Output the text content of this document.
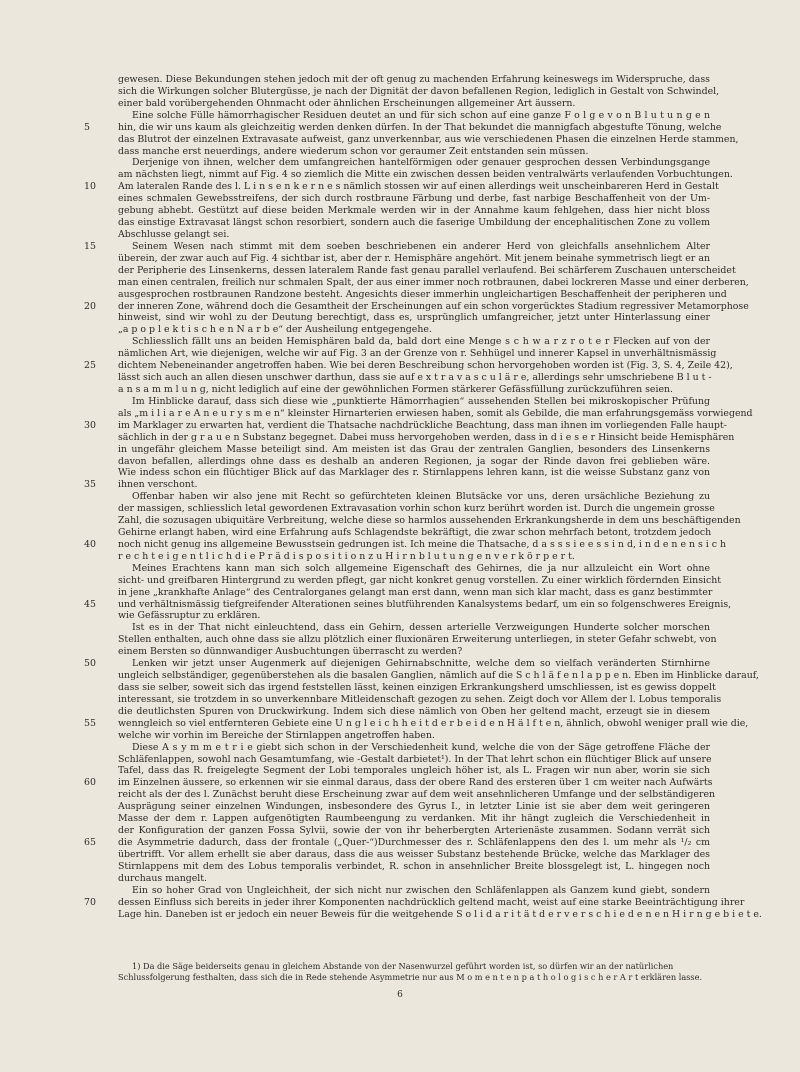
gewesen. Diese Bekundungen stehen jedoch mit der oft genug zu machenden Erfahrung keineswegs im Widerspruche, dass
sich die Wirkungen solcher Blutergüsse, je nach der Dignität der davon befallenen Region, lediglich in Gestalt von Schwindel,
einer bald vorübergehenden Ohnmacht oder ähnlichen Erscheinungen allgemeiner Art äussern.
Eine solche Fülle hämorrhagischer Residuen deutet an und für sich schon auf eine ganze F o l g e v o n B l u t u n g e n
5	hin, die wir uns kaum als gleichzeitig werden denken dürfen. In der That bekundet die mannigfach abgestufte Tönung, welche
das Blutrot der einzelnen Extravasate aufweist, ganz unverkennbar, aus wie verschiedenen Phasen die einzelnen Herde stammen,
dass manche erst neuerdings, andere wiederum schon vor geraumer Zeit entstanden sein müssen.
Derjenige von ihnen, welcher dem umfangreichen hantelförmigen oder genauer gesprochen dessen Verbindungsgange
am nächsten liegt, nimmt auf Fig. 4 so ziemlich die Mitte ein zwischen dessen beiden ventralwärts verlaufenden Vorbuchtungen.
10	Am lateralen Rande des l. L i n s e n k e r n e s nämlich stossen wir auf einen allerdings weit unscheinbareren Herd in Gestalt
eines schmalen Gewebsstreifens, der sich durch rostbraune Färbung und derbe, fast narbige Beschaffenheit von der Um-
gebung abhebt. Gestützt auf diese beiden Merkmale werden wir in der Annahme kaum fehlgehen, dass hier nicht bloss
das einstige Extravasat längst schon resorbiert, sondern auch die faserige Umbildung der encephalitischen Zone zu vollem
Abschlusse gelangt sei.
15	Seinem Wesen nach stimmt mit dem soeben beschriebenen ein anderer Herd von gleichfalls ansehnlichem Alter
überein, der zwar auch auf Fig. 4 sichtbar ist, aber der r. Hemisphäre angehört. Mit jenem beinahe symmetrisch liegt er an
der Peripherie des Linsenkerns, dessen lateralem Rande fast genau parallel verlaufend. Bei schärferem Zuschauen unterscheidet
man einen centralen, freilich nur schmalen Spalt, der aus einer immer noch rotbraunen, dabei lockreren Masse und einer derberen,
ausgesprochen rostbraunen Randzone besteht. Angesichts dieser immerhin ungleichartigen Beschaffenheit der peripheren und
20	der inneren Zone, während doch die Gesamtheit der Erscheinungen auf ein schon vorgerücktes Stadium regressiver Metamorphose
hinweist, sind wir wohl zu der Deutung berechtigt, dass es, ursprünglich umfangreicher, jetzt unter Hinterlassung einer
„a p o p l e k t i s c h e n N a r b e“ der Ausheilung entgegengehe.
Schliesslich fällt uns an beiden Hemisphären bald da, bald dort eine Menge s c h w a r z r o t e r Flecken auf von der
nämlichen Art, wie diejenigen, welche wir auf Fig. 3 an der Grenze von r. Sehhügel und innerer Kapsel in unverhältnismässig
25	dichtem Nebeneinander angetroffen haben. Wie bei deren Beschreibung schon hervorgehoben worden ist (Fig. 3, S. 4, Zeile 42),
lässt sich auch an allen diesen unschwer darthun, dass sie auf e x t r a v a s c u l ä r e, allerdings sehr umschriebene B l u t -
a n s a m m l u n g, nicht lediglich auf eine der gewöhnlichen Formen stärkerer Gefässfüllung zurückzuführen seien.
Im Hinblicke darauf, dass sich diese wie „punktierte Hämorrhagien“ aussehenden Stellen bei mikroskopischer Prüfung
als „m i l i a r e A n e u r y s m e n“ kleinster Hirnarterien erwiesen haben, somit als Gebilde, die man erfahrungsgemäss vorwiegend
30	im Marklager zu erwarten hat, verdient die Thatsache nachdrückliche Beachtung, dass man ihnen im vorliegenden Falle haupt-
sächlich in der g r a u e n Substanz begegnet. Dabei muss hervorgehoben werden, dass in d i e s e r Hinsicht beide Hemisphären
in ungefähr gleichem Masse beteiligt sind. Am meisten ist das Grau der zentralen Ganglien, besonders des Linsenkerns
davon befallen, allerdings ohne dass es deshalb an anderen Regionen, ja sogar der Rinde davon frei geblieben wäre.
Wie indess schon ein flüchtiger Blick auf das Marklager des r. Stirnlappens lehren kann, ist die weisse Substanz ganz von
35	ihnen verschont.
Offenbar haben wir also jene mit Recht so gefürchteten kleinen Blutsäcke vor uns, deren ursächliche Beziehung zu
der massigen, schliesslich letal gewordenen Extravasation vorhin schon kurz berührt worden ist. Durch die ungemein grosse
Zahl, die sozusagen ubiquitäre Verbreitung, welche diese so harmlos aussehenden Erkrankungsherde in dem uns beschäftigenden
Gehirne erlangt haben, wird eine Erfahrung aufs Schlagendste bekräftigt, die zwar schon mehrfach betont, trotzdem jedoch
40	noch nicht genug ins allgemeine Bewusstsein gedrungen ist. Ich meine die Thatsache, d a s s s i e e s s i n d, i n d e n e n s i c h
r e c h t e i g e n t l i c h d i e P r ä d i s p o s i t i o n z u H i r n b l u t u n g e n v e r k ö r p e r t.
Meines Erachtens kann man sich solch allgemeine Eigenschaft des Gehirnes, die ja nur allzuleicht ein Wort ohne
sicht- und greifbaren Hintergrund zu werden pflegt, gar nicht konkret genug vorstellen. Zu einer wirklich fördernden Einsicht
in jene „krankhafte Anlage“ des Centralorganes gelangt man erst dann, wenn man sich klar macht, dass es ganz bestimmter
45	und verhältnismässig tiefgreifender Alterationen seines blutführenden Kanalsystems bedarf, um ein so folgenschweres Ereignis,
wie Gefässruptur zu erklären.
Ist es in der That nicht einleuchtend, dass ein Gehirn, dessen arterielle Verzweigungen Hunderte solcher morschen
Stellen enthalten, auch ohne dass sie allzu plötzlich einer fluxionären Erweiterung unterliegen, in steter Gefahr schwebt, von
einem Bersten so dünnwandiger Ausbuchtungen überrascht zu werden?
50	Lenken wir jetzt unser Augenmerk auf diejenigen Gehirnabschnitte, welche dem so vielfach veränderten Stirnhirne
ungleich selbständiger, gegenüberstehen als die basalen Ganglien, nämlich auf die S c h l ä f e n l a p p e n. Eben im Hinblicke darauf,
dass sie selber, soweit sich das irgend feststellen lässt, keinen einzigen Erkrankungsherd umschliessen, ist es gewiss doppelt
interessant, sie trotzdem in so unverkennbare Mitleidenschaft gezogen zu sehen. Zeigt doch vor Allem der l. Lobus temporalis
die deutlichsten Spuren von Druckwirkung. Indem sich diese nämlich von Oben her geltend macht, erzeugt sie in diesem
55	wenngleich so viel entfernteren Gebiete eine U n g l e i c h h e i t d e r b e i d e n H ä l f t e n, ähnlich, obwohl weniger prall wie die,
welche wir vorhin im Bereiche der Stirnlappen angetroffen haben.
Diese A s y m m e t r i e giebt sich schon in der Verschiedenheit kund, welche die von der Säge getroffene Fläche der
Schläfenlappen, sowohl nach Gesamtumfang, wie -Gestalt darbietet¹). In der That lehrt schon ein flüchtiger Blick auf unsere
Tafel, dass das R. freigelegte Segment der Lobi temporales ungleich höher ist, als L. Fragen wir nun aber, worin sie sich
60	im Einzelnen äussere, so erkennen wir sie einmal daraus, dass der obere Rand des ersteren über 1 cm weiter nach Aufwärts
reicht als der des l. Zunächst beruht diese Erscheinung zwar auf dem weit ansehnlicheren Umfange und der selbständigeren
Ausprägung seiner einzelnen Windungen, insbesondere des Gyrus I., in letzter Linie ist sie aber dem weit geringeren
Masse der dem r. Lappen aufgenötigten Raumbeengung zu verdanken. Mit ihr hängt zugleich die Verschiedenheit in
der Konfiguration der ganzen Fossa Sylvii, sowie der von ihr beherbergten Arterienäste zusammen. Sodann verrät sich
65	die Asymmetrie dadurch, dass der frontale („Quer-“)Durchmesser des r. Schläfenlappens den des l. um mehr als ¹/₂ cm
übertrifft. Vor allem erhellt sie aber daraus, dass die aus weisser Substanz bestehende Brücke, welche das Marklager des
Stirnlappens mit dem des Lobus temporalis verbindet, R. schon in ansehnlicher Breite blossgelegt ist, L. hingegen noch
durchaus mangelt.
Ein so hoher Grad von Ungleichheit, der sich nicht nur zwischen den Schläfenlappen als Ganzem kund giebt, sondern
70	dessen Einfluss sich bereits in jeder ihrer Komponenten nachdrücklich geltend macht, weist auf eine starke Beeinträchtigung ihrer
Lage hin. Daneben ist er jedoch ein neuer Beweis für die weitgehende S o l i d a r i t ä t d e r v e r s c h i e d e n e n H i r n g e b i e t e.
1) Da die Säge beiderseits genau in gleichem Abstande von der Nasenwurzel geführt worden ist, so dürfen wir an der natürlichen
Schlussfolgerung festhalten, dass sich die in Rede stehende Asymmetrie nur aus M o m e n t e n p a t h o l o g i s c h e r A r t erklären lasse.
6
